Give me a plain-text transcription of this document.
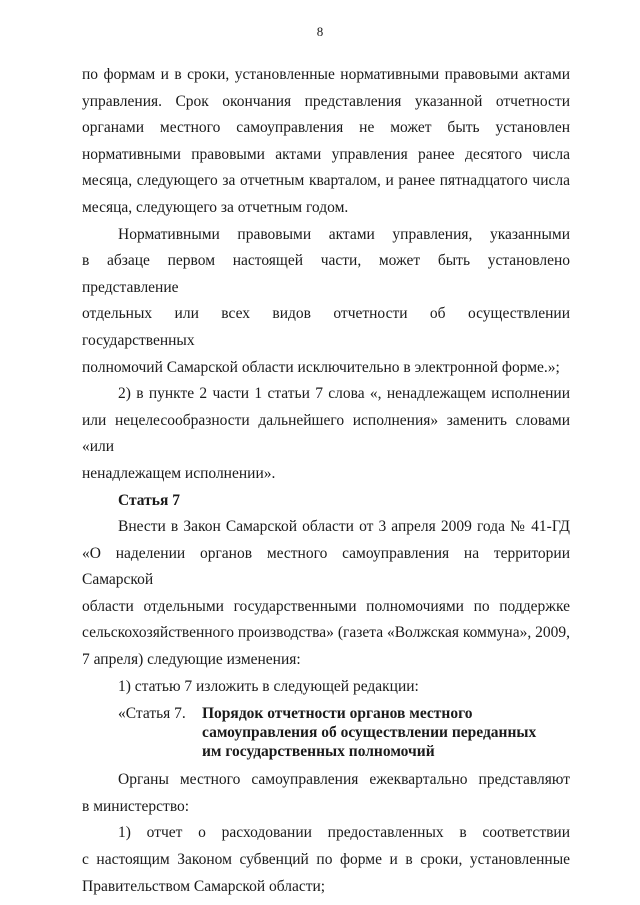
8

по формам и в сроки, установленные нормативными правовыми актами

управления. Срок окончания представления указанной отчетности

органами местного самоуправления не может быть установлен

нормативными правовыми актами управления ранее десятого числа

месяца, следующего за отчетным кварталом, и ранее пятнадцатого числа

месяца, следующего за отчетным годом.

Нормативными правовыми актами управления, указанными

в абзаце первом настоящей части, может быть установлено представление

отдельных или всех видов отчетности об осуществлении государственных

полномочий Самарской области исключительно в электронной форме.»;

2) в пункте 2 части 1 статьи 7 слова «, ненадлежащем исполнении

или нецелесообразности дальнейшего исполнения» заменить словами «или

ненадлежащем исполнении».

Статья 7

Внести в Закон Самарской области от 3 апреля 2009 года № 41-ГД

«О наделении органов местного самоуправления на территории Самарской

области отдельными государственными полномочиями по поддержке

сельскохозяйственного производства» (газета «Волжская коммуна», 2009,

7 апреля) следующие изменения:

1) статью 7 изложить в следующей редакции:

«Статья 7.	Порядок отчетности органов местного
самоуправления об осуществлении переданных
им государственных полномочий

Органы местного самоуправления ежеквартально представляют

в министерство:

1) отчет о расходовании предоставленных в соответствии

с настоящим Законом субвенций по форме и в сроки, установленные

Правительством Самарской области;
